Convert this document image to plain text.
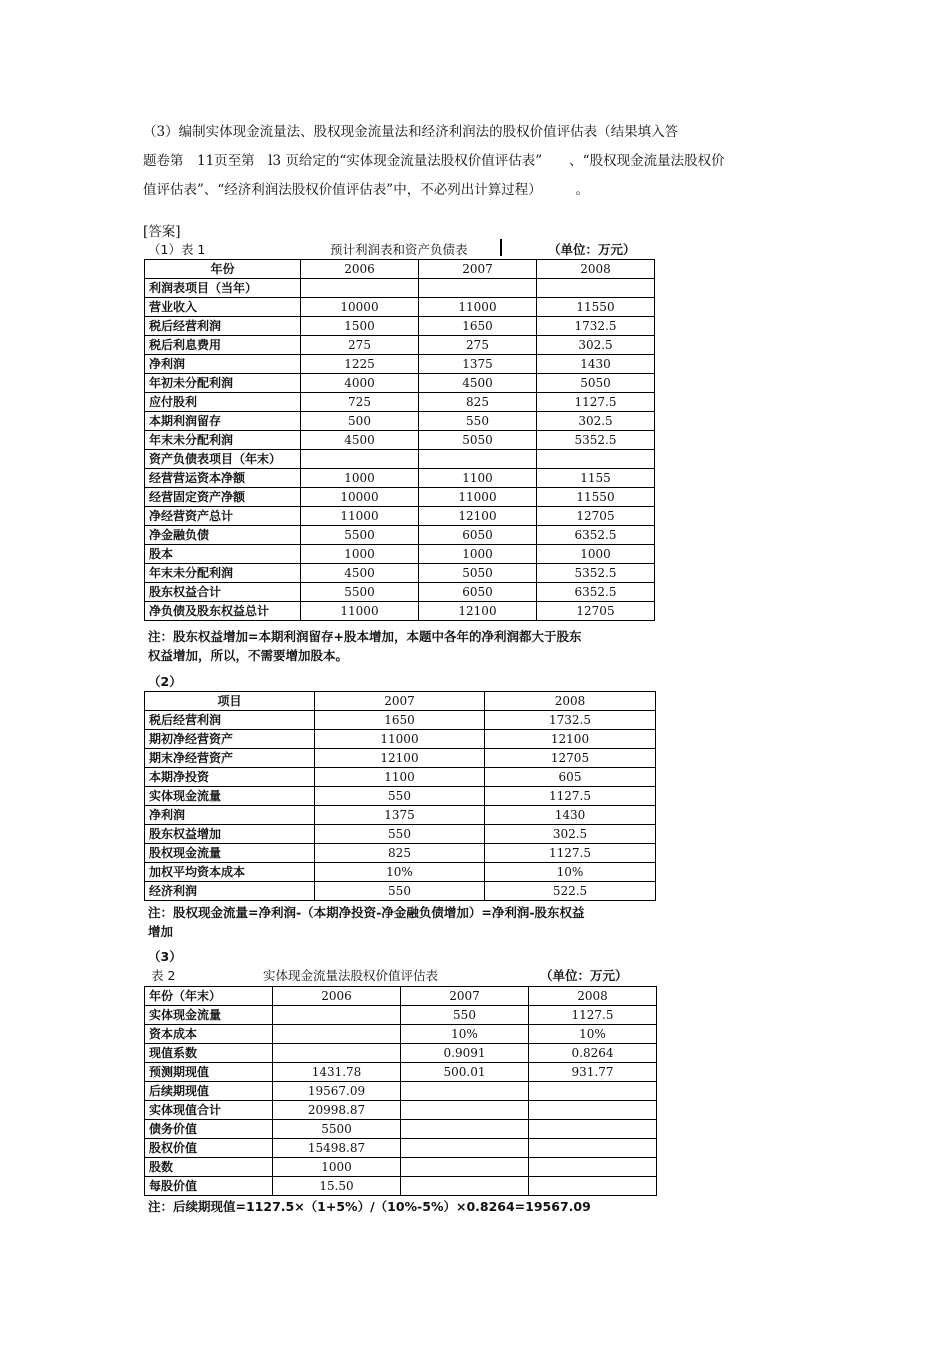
（3）编制实体现金流量法、股权现金流量法和经济利润法的股权价值评估表（结果填入答

题卷第　11页至第　l3 页给定的“实体现金流量法股权价值评估表”　　、“股权现金流量法股权价

值评估表”、“经济利润法股权价值评估表”中，不必列出计算过程）　　　。

[答案]
（1）表 1	预计利润表和资产负债表	（单位：万元）
年份	2006	2007	2008
利润表项目（当年）			
营业收入	10000	11000	11550
税后经营利润	1500	1650	1732.5
税后利息费用	275	275	302.5
净利润	1225	1375	1430
年初未分配利润	4000	4500	5050
应付股利	725	825	1127.5
本期利润留存	500	550	302.5
年末未分配利润	4500	5050	5352.5
资产负债表项目（年末）			
经营营运资本净额	1000	1100	1155
经营固定资产净额	10000	11000	11550
净经营资产总计	11000	12100	12705
净金融负债	5500	6050	6352.5
股本	1000	1000	1000
年末未分配利润	4500	5050	5352.5
股东权益合计	5500	6050	6352.5
净负债及股东权益总计	11000	12100	12705
注：股东权益增加=本期利润留存+股本增加，本题中各年的净利润都大于股东
权益增加，所以，不需要增加股本。
（2）
项目	2007	2008
税后经营利润	1650	1732.5
期初净经营资产	11000	12100
期末净经营资产	12100	12705
本期净投资	1100	605
实体现金流量	550	1127.5
净利润	1375	1430
股东权益增加	550	302.5
股权现金流量	825	1127.5
加权平均资本成本	10%	10%
经济利润	550	522.5
注：股权现金流量=净利润-（本期净投资-净金融负债增加）=净利润-股东权益
增加
（3）
表 2	实体现金流量法股权价值评估表	（单位：万元）
年份（年末）	2006	2007	2008
实体现金流量		550	1127.5
资本成本		10%	10%
现值系数		0.9091	0.8264
预测期现值	1431.78	500.01	931.77
后续期现值	19567.09		
实体现值合计	20998.87		
债务价值	5500		
股权价值	15498.87		
股数	1000		
每股价值	15.50		
注：后续期现值=1127.5×（1+5%）/（10%-5%）×0.8264=19567.09
